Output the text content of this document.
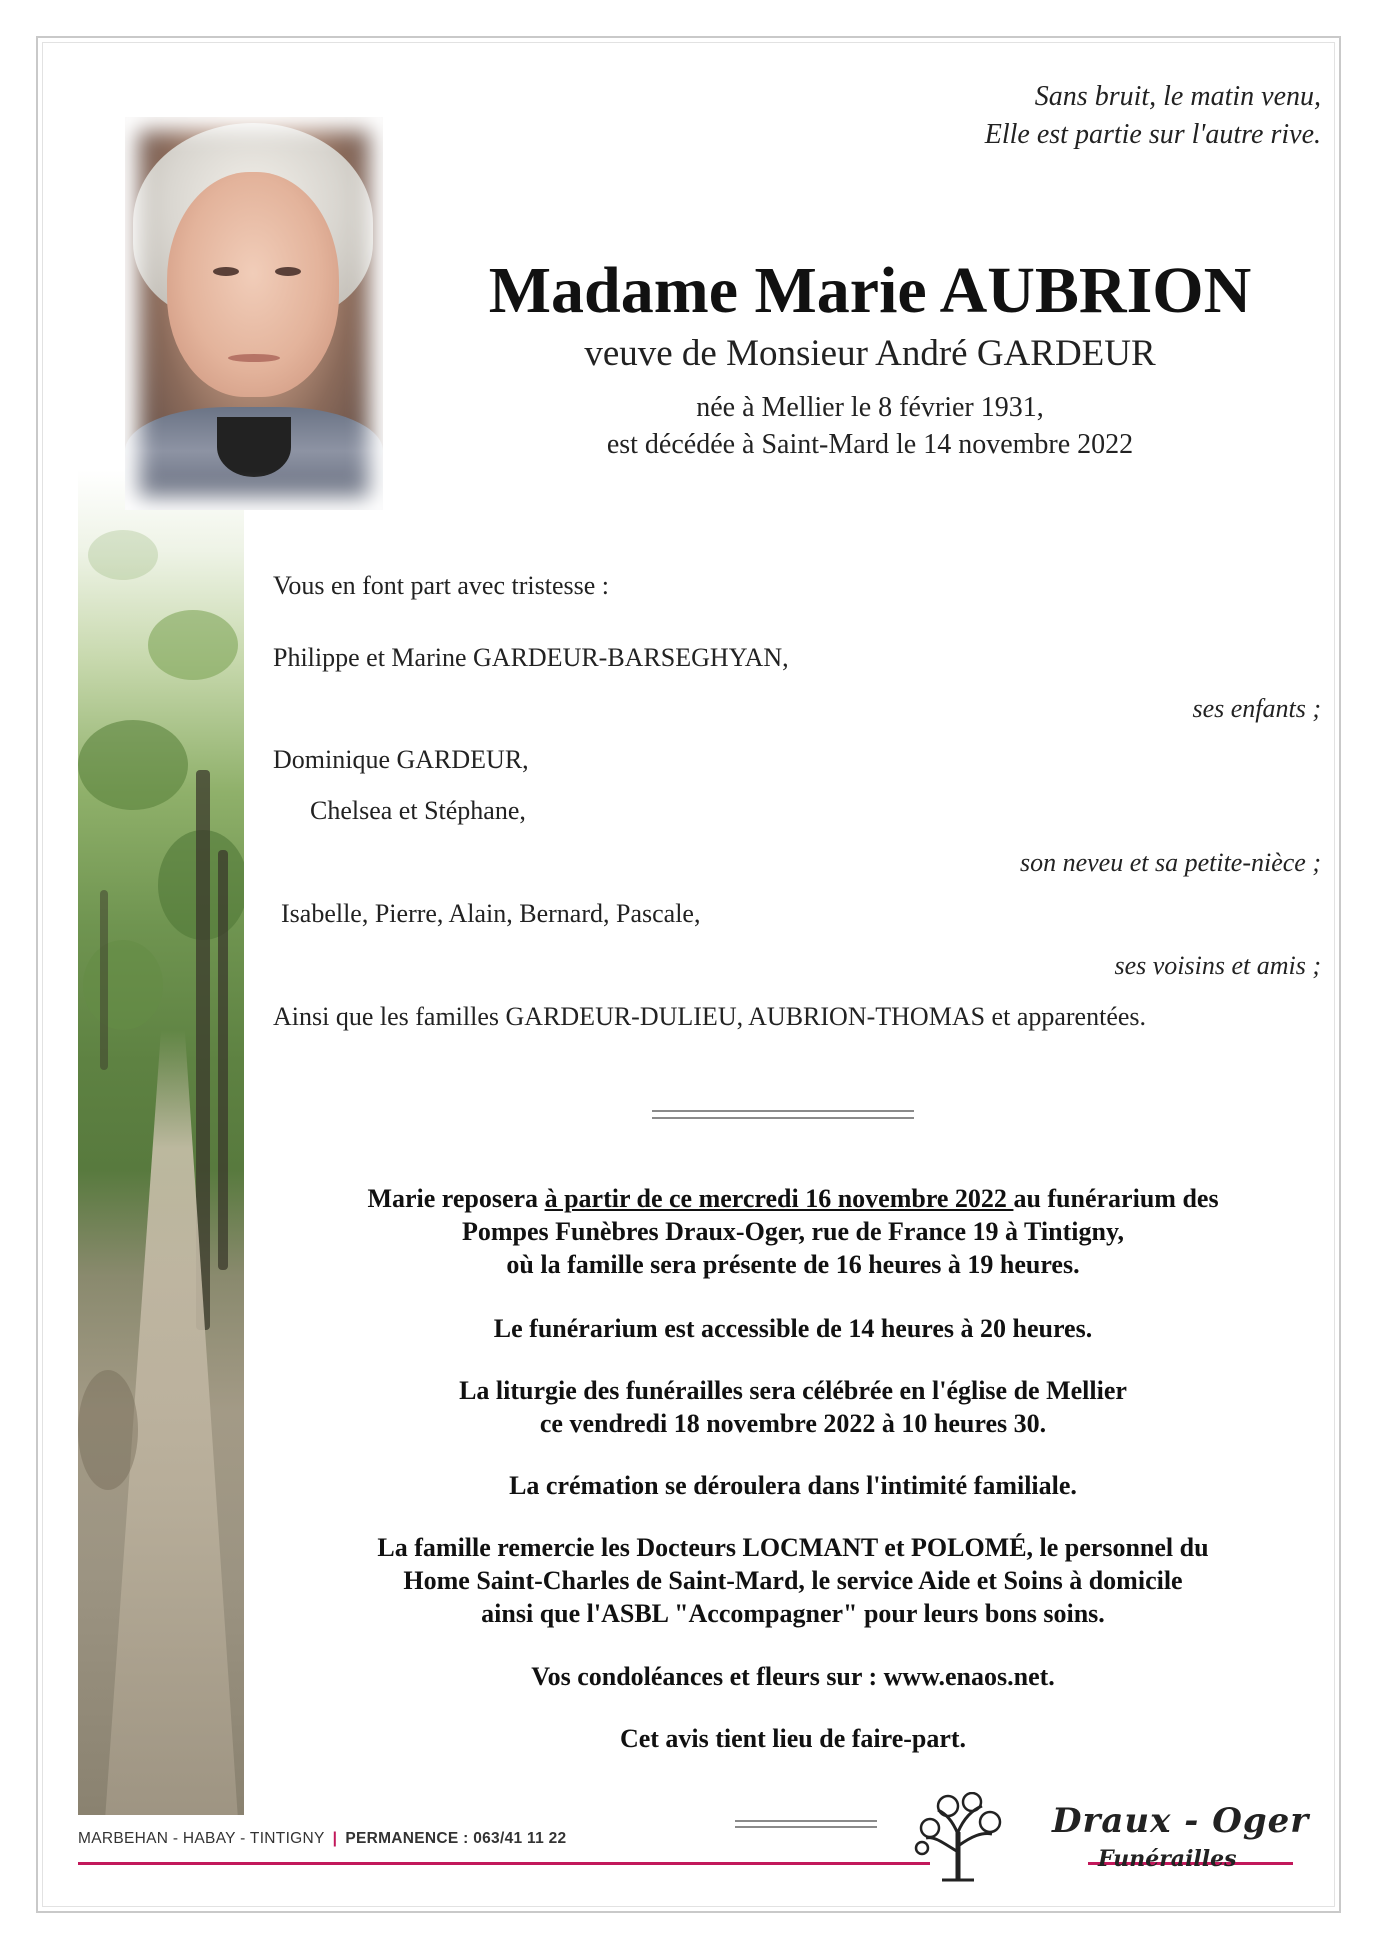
Sans bruit, le matin venu,
Elle est partie sur l'autre rive.
Madame Marie AUBRION
veuve de Monsieur André GARDEUR
née à Mellier le 8 février 1931,
est décédée à Saint-Mard le 14 novembre 2022
Vous en font part avec tristesse :
Philippe et Marine GARDEUR-BARSEGHYAN,
ses enfants ;
Dominique GARDEUR,
Chelsea et Stéphane,
son neveu et sa petite-nièce ;
Isabelle, Pierre, Alain, Bernard, Pascale,
ses voisins et amis ;
Ainsi que les familles GARDEUR-DULIEU, AUBRION-THOMAS et apparentées.
Marie reposera à partir de ce mercredi 16 novembre 2022 au funérarium des
Pompes Funèbres Draux-Oger, rue de France 19 à Tintigny,
où la famille sera présente de 16 heures à 19 heures.
Le funérarium est accessible de 14 heures à 20 heures.
La liturgie des funérailles sera célébrée en l'église de Mellier
ce vendredi 18 novembre 2022 à 10 heures 30.
La crémation se déroulera dans l'intimité familiale.
La famille remercie les Docteurs LOCMANT et POLOMÉ, le personnel du
Home Saint-Charles de Saint-Mard, le service Aide et Soins à domicile
ainsi que l'ASBL "Accompagner" pour leurs bons soins.
Vos condoléances et fleurs sur : www.enaos.net.
Cet avis tient lieu de faire-part.
MARBEHAN - HABAY - TINTIGNY | PERMANENCE : 063/41 11 22	Draux - Oger
Funérailles
